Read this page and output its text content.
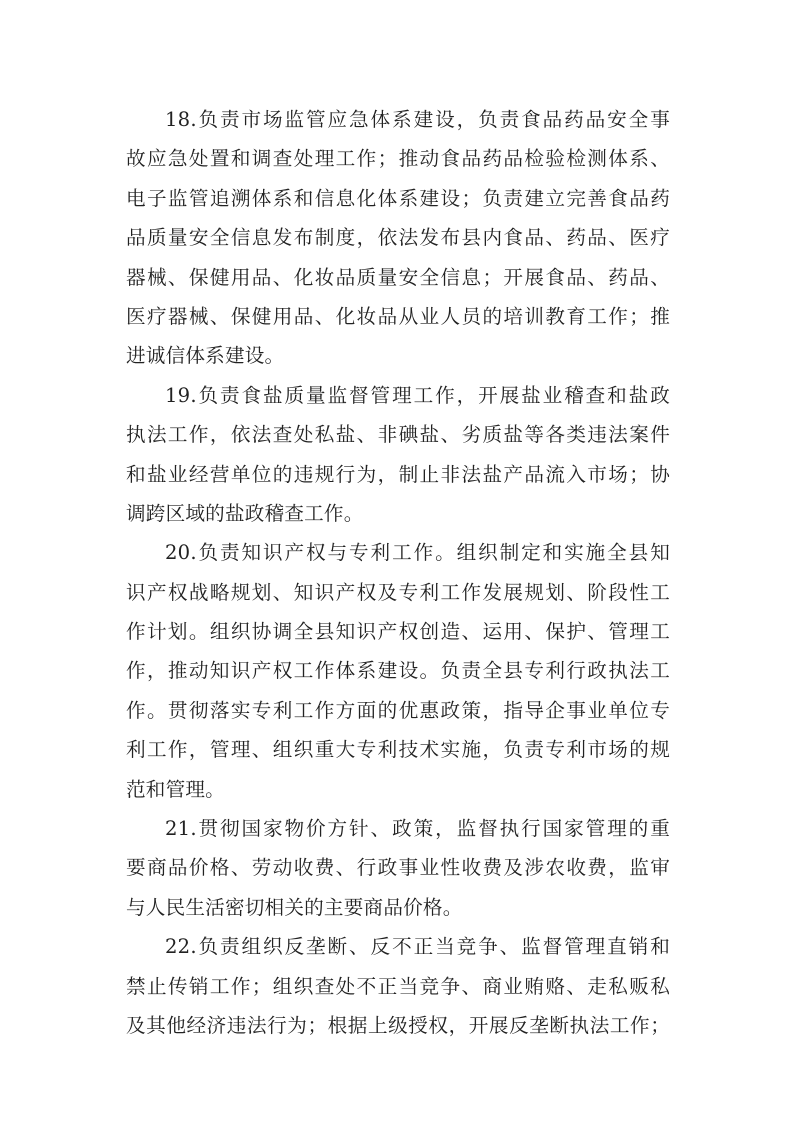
18.负责市场监管应急体系建设，负责食品药品安全事
故应急处置和调查处理工作；推动食品药品检验检测体系、
电子监管追溯体系和信息化体系建设；负责建立完善食品药
品质量安全信息发布制度，依法发布县内食品、药品、医疗
器械、保健用品、化妆品质量安全信息；开展食品、药品、
医疗器械、保健用品、化妆品从业人员的培训教育工作；推
进诚信体系建设。
19.负责食盐质量监督管理工作，开展盐业稽查和盐政
执法工作，依法查处私盐、非碘盐、劣质盐等各类违法案件
和盐业经营单位的违规行为，制止非法盐产品流入市场；协
调跨区域的盐政稽查工作。
20.负责知识产权与专利工作。组织制定和实施全县知
识产权战略规划、知识产权及专利工作发展规划、阶段性工
作计划。组织协调全县知识产权创造、运用、保护、管理工
作，推动知识产权工作体系建设。负责全县专利行政执法工
作。贯彻落实专利工作方面的优惠政策，指导企事业单位专
利工作，管理、组织重大专利技术实施，负责专利市场的规
范和管理。
21.贯彻国家物价方针、政策，监督执行国家管理的重
要商品价格、劳动收费、行政事业性收费及涉农收费，监审
与人民生活密切相关的主要商品价格。
22.负责组织反垄断、反不正当竞争、监督管理直销和
禁止传销工作；组织查处不正当竞争、商业贿赂、走私贩私
及其他经济违法行为；根据上级授权，开展反垄断执法工作；
